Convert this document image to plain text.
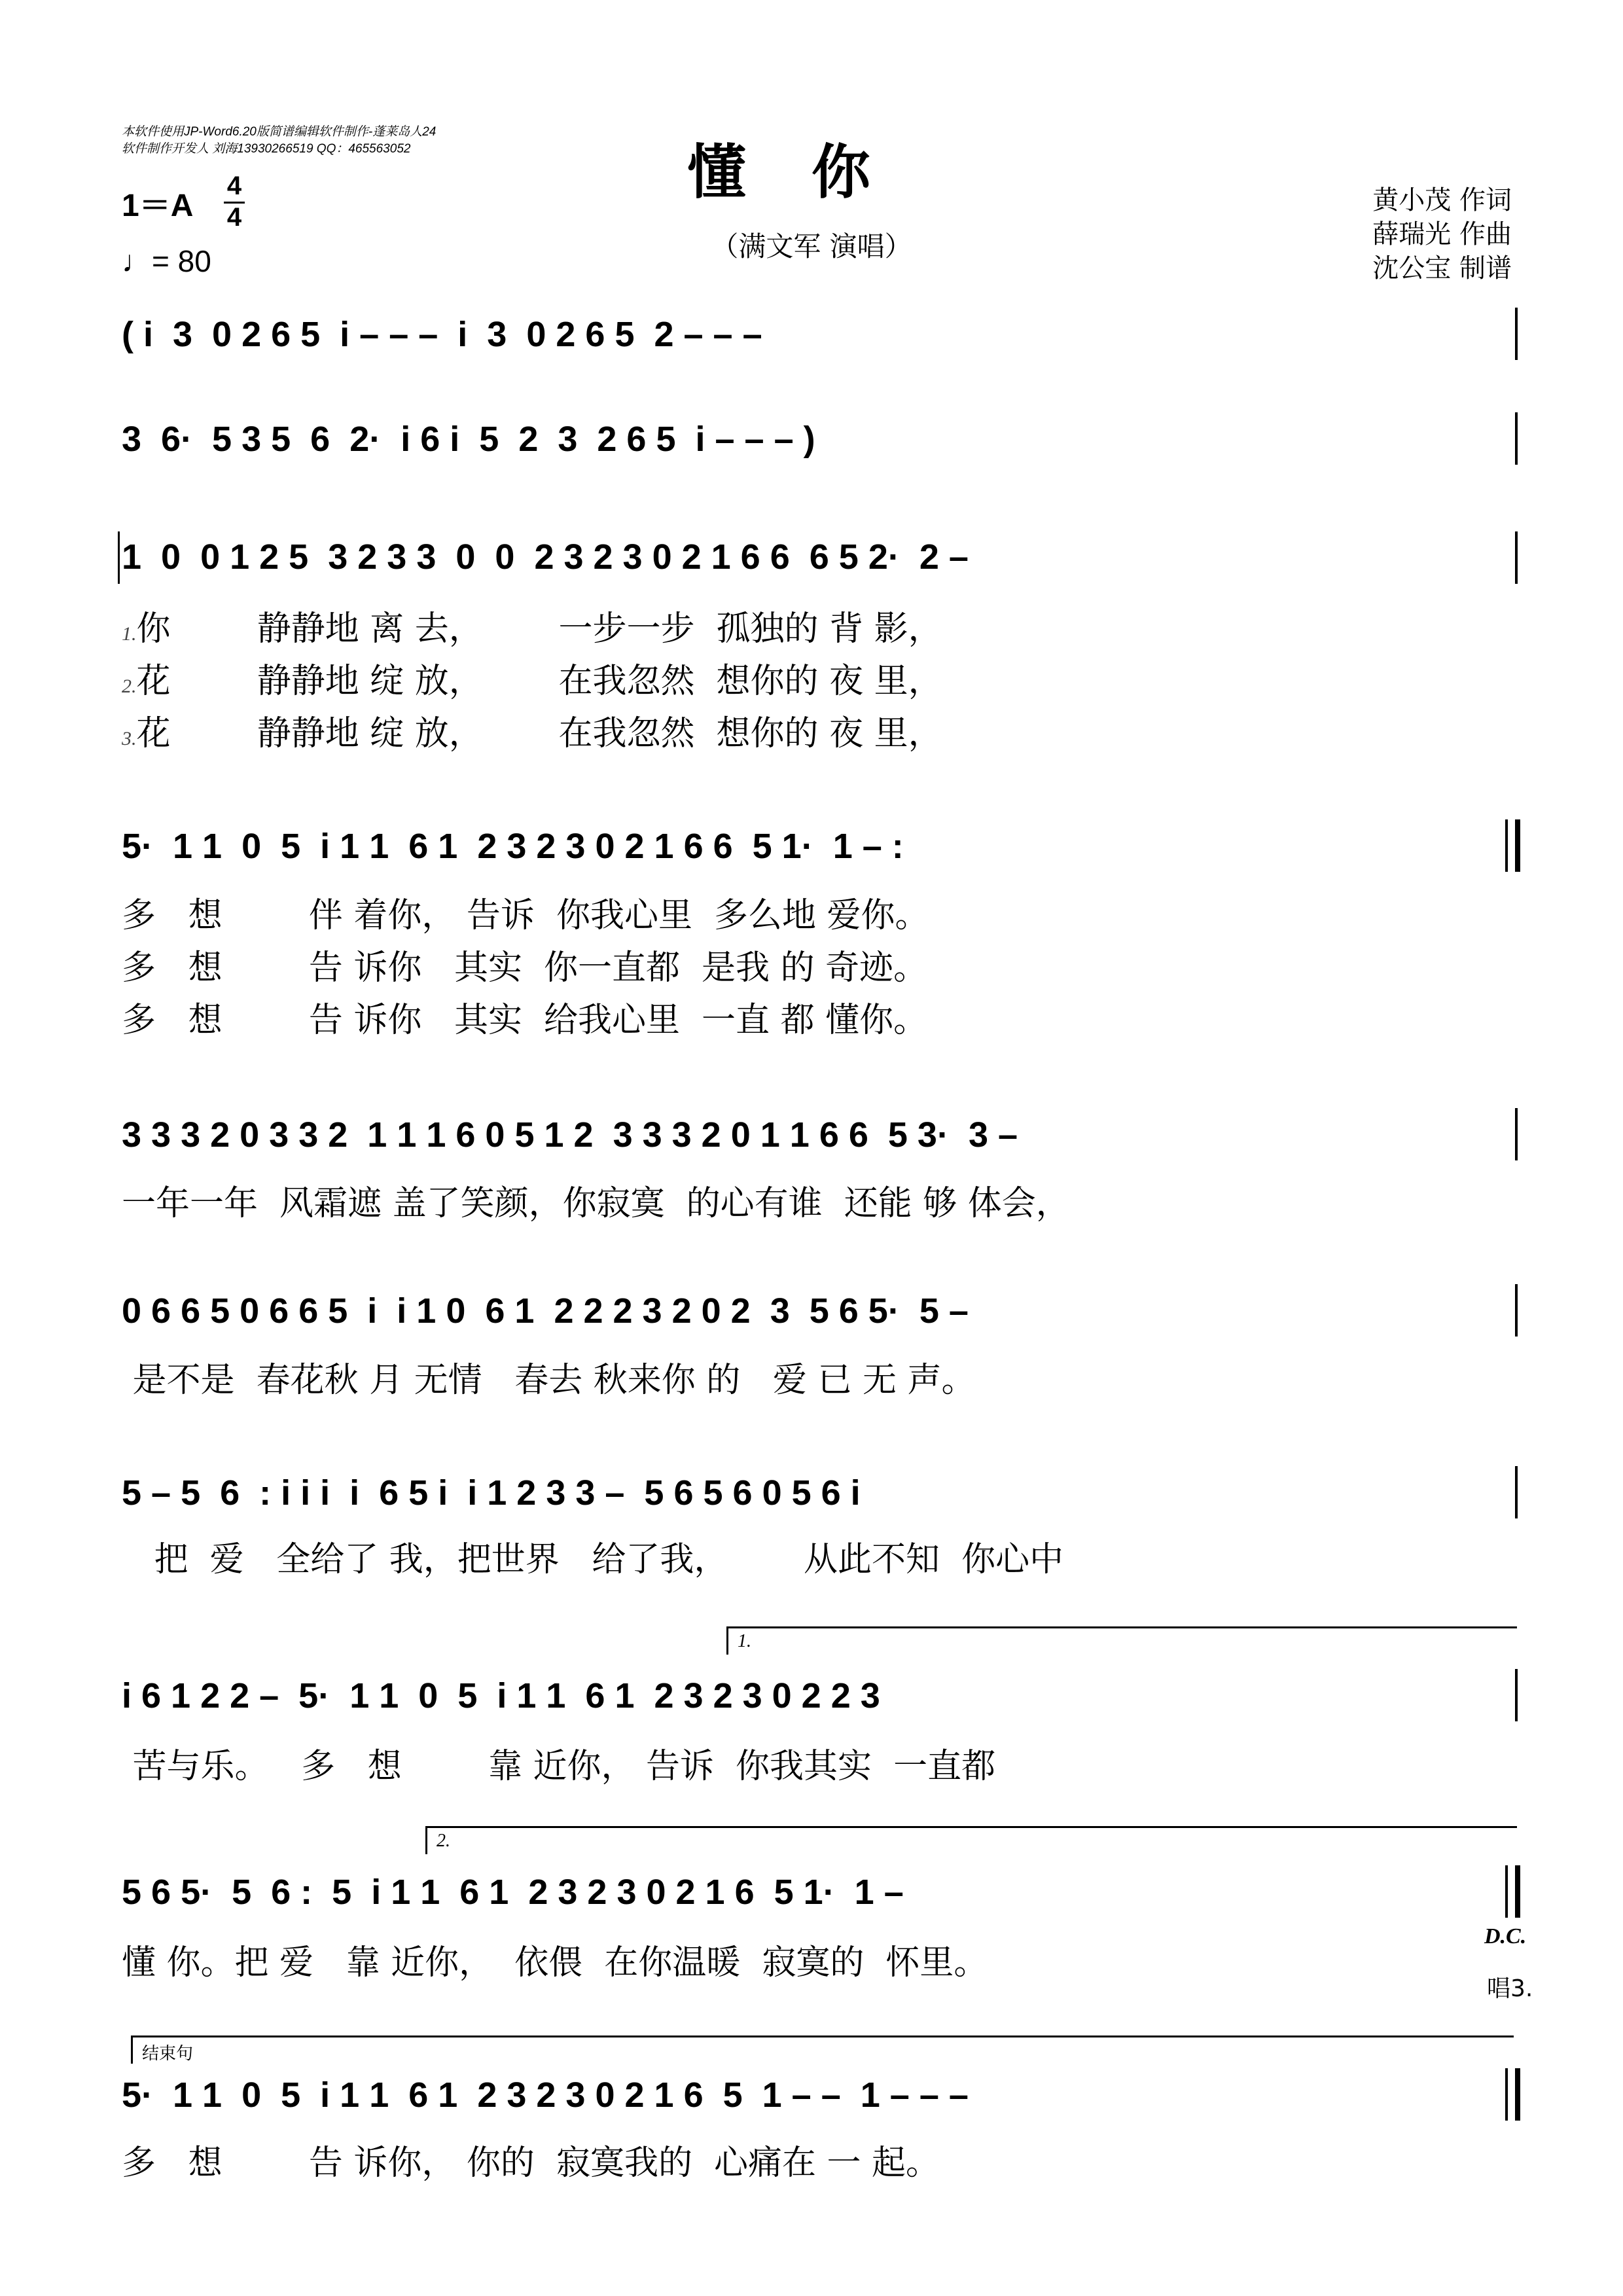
本软件使用JP-Word6.20版简谱编辑软件制作-蓬莱岛人24
软件制作开发人 刘海13930266519 QQ：465563052	懂你
（满文军 演唱）
1＝A
4
4
♩= 80
黄小茂 作词
薛瑞光 作曲
沈公宝 制谱
( i  3  0 2 6 5  i – – –  i  3  0 2 6 5  2 – – –
3  6·  5 3 5  6  2·  i 6 i  5  2  3  2 6 5  i – – – )
1  0  0 1 2 5  3 2 3 3  0  0  2 3 2 3 0 2 1 6 6  6 5 2·  2 –
1.你        静静地 离 去，       一步一步  孤独的 背 影，
2.花        静静地 绽 放，       在我忽然  想你的 夜 里，
3.花        静静地 绽 放，       在我忽然  想你的 夜 里，
5·  1 1  0  5  i 1 1  6 1  2 3 2 3 0 2 1 6 6  5 1·  1 – :
多   想        伴 着你， 告诉  你我心里  多么地 爱你。
多   想        告 诉你   其实  你一直都  是我 的 奇迹。
多   想        告 诉你   其实  给我心里  一直 都 懂你。
3 3 3 2 0 3 3 2  1 1 1 6 0 5 1 2  3 3 3 2 0 1 1 6 6  5 3·  3 –
一年一年  风霜遮 盖了笑颜，你寂寞  的心有谁  还能 够 体会，
0 6 6 5 0 6 6 5  i  i 1 0  6 1  2 2 2 3 2 0 2  3  5 6 5·  5 –
是不是  春花秋 月 无情   春去 秋来你 的   爱 已 无 声。
5 – 5  6  : i i i  i  6 5 i  i 1 2 3 3 –  5 6 5 6 0 5 6 i
把  爱   全给了 我，把世界   给了我，       从此不知  你心中
1.
i 6 1 2 2 –  5·  1 1  0  5  i 1 1  6 1  2 3 2 3 0 2 2 3
苦与乐。   多   想        靠 近你， 告诉  你我其实  一直都
2.
5 6 5·  5  6 :  5  i 1 1  6 1  2 3 2 3 0 2 1 6  5 1·  1 –
懂 你。把 爱   靠 近你，  依偎  在你温暖  寂寞的  怀里。
D.C.
唱3.
结束句
5·  1 1  0  5  i 1 1  6 1  2 3 2 3 0 2 1 6  5  1 – –  1 – – –
多   想        告 诉你， 你的  寂寞我的  心痛在 一 起。
